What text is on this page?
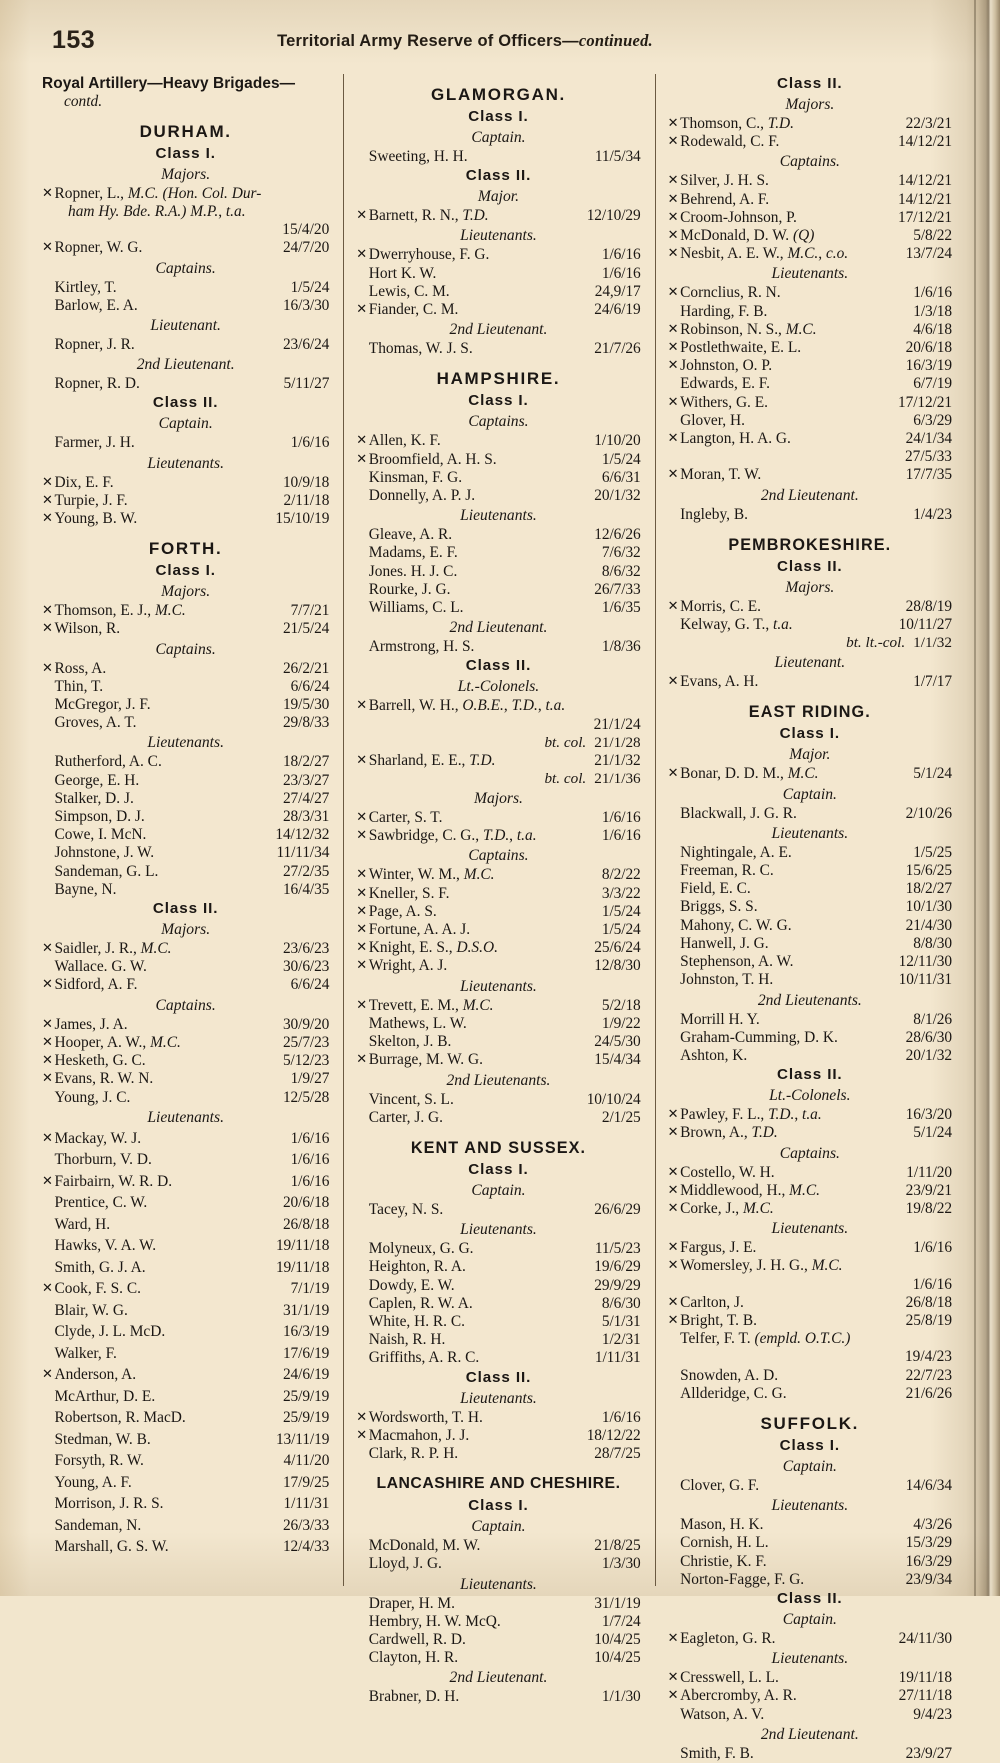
153	Territorial Army Reserve of Officers—continued.
Royal Artillery—Heavy Brigades—
contd.
DURHAM.
Class I.
Majors.
✕ Ropner, L., M.C. (Hon. Col. Dur-
ham Hy. Bde. R.A.) M.P., t.a.
15/4/20
✕ Ropner, W. G.	24/7/20
Captains.
Kirtley, T.	1/5/24
Barlow, E. A.	16/3/30
Lieutenant.
Ropner, J. R.	23/6/24
2nd Lieutenant.
Ropner, R. D.	5/11/27
Class II.
Captain.
Farmer, J. H.	1/6/16
Lieutenants.
✕ Dix, E. F.	10/9/18
✕ Turpie, J. F.	2/11/18
✕ Young, B. W.	15/10/19
FORTH.
Class I.
Majors.
✕ Thomson, E. J., M.C.	7/7/21
✕ Wilson, R.	21/5/24
Captains.
✕ Ross, A.	26/2/21
Thin, T.	6/6/24
McGregor, J. F.	19/5/30
Groves, A. T.	29/8/33
Lieutenants.
Rutherford, A. C.	18/2/27
George, E. H.	23/3/27
Stalker, D. J.	27/4/27
Simpson, D. J.	28/3/31
Cowe, I. McN.	14/12/32
Johnstone, J. W.	11/11/34
Sandeman, G. L.	27/2/35
Bayne, N.	16/4/35
Class II.
Majors.
✕ Saidler, J. R., M.C.	23/6/23
Wallace. G. W.	30/6/23
✕ Sidford, A. F.	6/6/24
Captains.
✕ James, J. A.	30/9/20
✕ Hooper, A. W., M.C.	25/7/23
✕ Hesketh, G. C.	5/12/23
✕ Evans, R. W. N.	1/9/27
Young, J. C.	12/5/28
Lieutenants.
✕ Mackay, W. J.	1/6/16
Thorburn, V. D.	1/6/16
✕ Fairbairn, W. R. D.	1/6/16
Prentice, C. W.	20/6/18
Ward, H.	26/8/18
Hawks, V. A. W.	19/11/18
Smith, G. J. A.	19/11/18
✕ Cook, F. S. C.	7/1/19
Blair, W. G.	31/1/19
Clyde, J. L. McD.	16/3/19
Walker, F.	17/6/19
✕ Anderson, A.	24/6/19
McArthur, D. E.	25/9/19
Robertson, R. MacD.	25/9/19
Stedman, W. B.	13/11/19
Forsyth, R. W.	4/11/20
Young, A. F.	17/9/25
Morrison, J. R. S.	1/11/31
Sandeman, N.	26/3/33
Marshall, G. S. W.	12/4/33
GLAMORGAN.
Class I.
Captain.
Sweeting, H. H.	11/5/34
Class II.
Major.
✕ Barnett, R. N., T.D.	12/10/29
Lieutenants.
✕ Dwerryhouse, F. G.	1/6/16
Hort K. W.	1/6/16
Lewis, C. M.	24,9/17
✕ Fiander, C. M.	24/6/19
2nd Lieutenant.
Thomas, W. J. S.	21/7/26
HAMPSHIRE.
Class I.
Captains.
✕ Allen, K. F.	1/10/20
✕ Broomfield, A. H. S.	1/5/24
Kinsman, F. G.	6/6/31
Donnelly, A. P. J.	20/1/32
Lieutenants.
Gleave, A. R.	12/6/26
Madams, E. F.	7/6/32
Jones. H. J. C.	8/6/32
Rourke, J. G.	26/7/33
Williams, C. L.	1/6/35
2nd Lieutenant.
Armstrong, H. S.	1/8/36
Class II.
Lt.-Colonels.
✕ Barrell, W. H., O.B.E., T.D., t.a.
21/1/24
bt. col. 21/1/28
✕ Sharland, E. E., T.D.	21/1/32
bt. col. 21/1/36
Majors.
✕ Carter, S. T.	1/6/16
✕ Sawbridge, C. G., T.D., t.a.	1/6/16
Captains.
✕ Winter, W. M., M.C.	8/2/22
✕ Kneller, S. F.	3/3/22
✕ Page, A. S.	1/5/24
✕ Fortune, A. A. J.	1/5/24
✕ Knight, E. S., D.S.O.	25/6/24
✕ Wright, A. J.	12/8/30
Lieutenants.
✕ Trevett, E. M., M.C.	5/2/18
Mathews, L. W.	1/9/22
Skelton, J. B.	24/5/30
✕ Burrage, M. W. G.	15/4/34
2nd Lieutenants.
Vincent, S. L.	10/10/24
Carter, J. G.	2/1/25
KENT AND SUSSEX.
Class I.
Captain.
Tacey, N. S.	26/6/29
Lieutenants.
Molyneux, G. G.	11/5/23
Heighton, R. A.	19/6/29
Dowdy, E. W.	29/9/29
Caplen, R. W. A.	8/6/30
White, H. R. C.	5/1/31
Naish, R. H.	1/2/31
Griffiths, A. R. C.	1/11/31
Class II.
Lieutenants.
✕ Wordsworth, T. H.	1/6/16
✕ Macmahon, J. J.	18/12/22
Clark, R. P. H.	28/7/25
LANCASHIRE AND CHESHIRE.
Class I.
Captain.
McDonald, M. W.	21/8/25
Lloyd, J. G.	1/3/30
Lieutenants.
Draper, H. M.	31/1/19
Hembry, H. W. McQ.	1/7/24
Cardwell, R. D.	10/4/25
Clayton, H. R.	10/4/25
2nd Lieutenant.
Brabner, D. H.	1/1/30
Class II.
Majors.
✕ Thomson, C., T.D.	22/3/21
✕ Rodewald, C. F.	14/12/21
Captains.
✕ Silver, J. H. S.	14/12/21
✕ Behrend, A. F.	14/12/21
✕ Croom-Johnson, P.	17/12/21
✕ McDonald, D. W. (Q)	5/8/22
✕ Nesbit, A. E. W., M.C., c.o.	13/7/24
Lieutenants.
✕ Cornclius, R. N.	1/6/16
Harding, F. B.	1/3/18
✕ Robinson, N. S., M.C.	4/6/18
✕ Postlethwaite, E. L.	20/6/18
✕ Johnston, O. P.	16/3/19
Edwards, E. F.	6/7/19
✕ Withers, G. E.	17/12/21
Glover, H.	6/3/29
✕ Langton, H. A. G.	24/1/34
27/5/33
✕ Moran, T. W.	17/7/35
2nd Lieutenant.
Ingleby, B.	1/4/23
PEMBROKESHIRE.
Class II.
Majors.
✕ Morris, C. E.	28/8/19
Kelway, G. T., t.a.	10/11/27
bt. lt.-col. 1/1/32
Lieutenant.
✕ Evans, A. H.	1/7/17
EAST RIDING.
Class I.
Major.
✕ Bonar, D. D. M., M.C.	5/1/24
Captain.
Blackwall, J. G. R.	2/10/26
Lieutenants.
Nightingale, A. E.	1/5/25
Freeman, R. C.	15/6/25
Field, E. C.	18/2/27
Briggs, S. S.	10/1/30
Mahony, C. W. G.	21/4/30
Hanwell, J. G.	8/8/30
Stephenson, A. W.	12/11/30
Johnston, T. H.	10/11/31
2nd Lieutenants.
Morrill H. Y.	8/1/26
Graham-Cumming, D. K.	28/6/30
Ashton, K.	20/1/32
Class II.
Lt.-Colonels.
✕ Pawley, F. L., T.D., t.a.	16/3/20
✕ Brown, A., T.D.	5/1/24
Captains.
✕ Costello, W. H.	1/11/20
✕ Middlewood, H., M.C.	23/9/21
✕ Corke, J., M.C.	19/8/22
Lieutenants.
✕ Fargus, J. E.	1/6/16
✕ Womersley, J. H. G., M.C.
1/6/16
✕ Carlton, J.	26/8/18
✕ Bright, T. B.	25/8/19
Telfer, F. T. (empld. O.T.C.)
19/4/23
Snowden, A. D.	22/7/23
Allderidge, C. G.	21/6/26
SUFFOLK.
Class I.
Captain.
Clover, G. F.	14/6/34
Lieutenants.
Mason, H. K.	4/3/26
Cornish, H. L.	15/3/29
Christie, K. F.	16/3/29
Norton-Fagge, F. G.	23/9/34
Class II.
Captain.
✕ Eagleton, G. R.	24/11/30
Lieutenants.
✕ Cresswell, L. L.	19/11/18
✕ Abercromby, A. R.	27/11/18
Watson, A. V.	9/4/23
2nd Lieutenant.
Smith, F. B.	23/9/27
